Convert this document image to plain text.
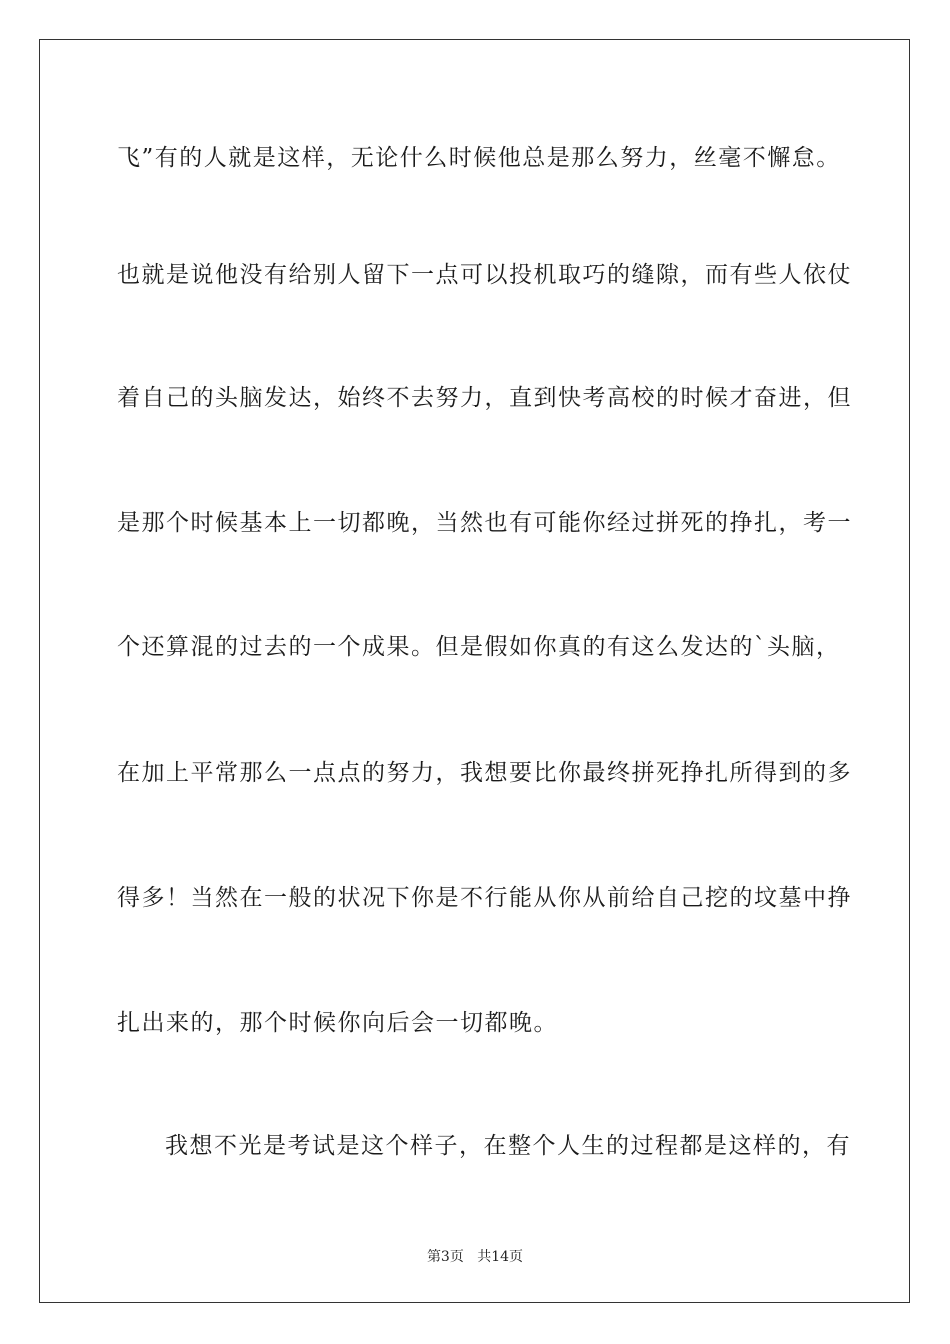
飞”有的人就是这样，无论什么时候他总是那么努力，丝毫不懈怠。
也就是说他没有给别人留下一点可以投机取巧的缝隙，而有些人依仗
着自己的头脑发达，始终不去努力，直到快考高校的时候才奋进，但
是那个时候基本上一切都晚，当然也有可能你经过拼死的挣扎，考一
个还算混的过去的一个成果。但是假如你真的有这么发达的`头脑，
在加上平常那么一点点的努力，我想要比你最终拼死挣扎所得到的多
得多！当然在一般的状况下你是不行能从你从前给自己挖的坟墓中挣
扎出来的，那个时候你向后会一切都晚。
我想不光是考试是这个样子，在整个人生的过程都是这样的，有
第3页 共14页
